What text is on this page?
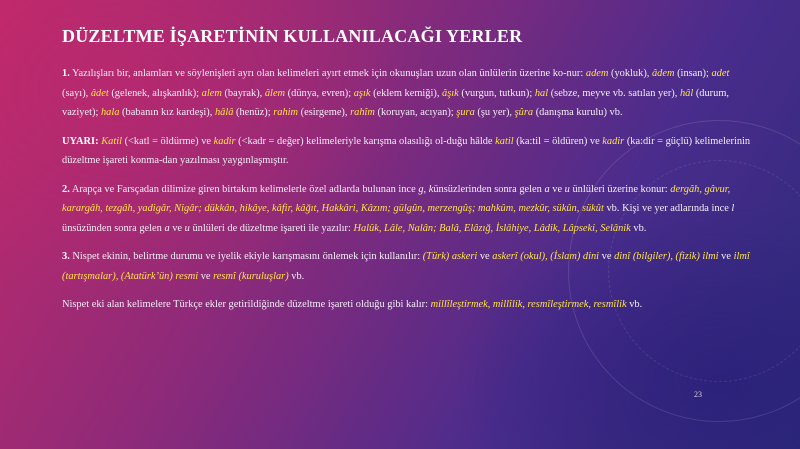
DÜZELTME İŞARETİNİN KULLANILACAĞI YERLER

1. Yazılışları bir, anlamları ve söylenişleri ayrı olan kelimeleri ayırt etmek için okunuşları uzun olan ünlülerin üzerine ko-nur: adem (yokluk), âdem (insan); adet (sayı), âdet (gelenek, alışkanlık); alem (bayrak), âlem (dünya, evren); aşık (eklem kemiği), âşık (vurgun, tutkun); hal (sebze, meyve vb. satılan yer), hâl (durum, vaziyet); hala (babanın kız kardeşi), hâlâ (henüz); rahim (esirgeme), rahîm (koruyan, acıyan); şura (şu yer), şûra (danışma kurulu) vb.

UYARI: Katil (<katl = öldürme) ve kadir (<kadr = değer) kelimeleriyle karışma olasılığı ol-duğu hâlde katil (ka:til = öldüren) ve kadir (ka:dir = güçlü) kelimelerinin düzeltme işareti konma-dan yazılması yaygınlaşmıştır.

2. Arapça ve Farsçadan dilimize giren birtakım kelimelerle özel adlarda bulunan ince g, künsüzlerinden sonra gelen a ve u ünlüleri üzerine konur: dergâh, gâvur, karargâh, tezgâh, yadigâr, Nigâr; dükkân, hikâye, kâfir, kâğıt, Hakkâri, Kâzım; gülgûn, merzengûş; mahkûm, mezkûr, sükûn, sükût vb. Kişi ve yer adlarında ince l ünsüzünden sonra gelen a ve u ünlüleri de düzeltme işareti ile yazılır: Halûk, Lâle, Nalân; Balâ, Elâzığ, İslâhiye, Lâdik, Lâpseki, Selânik vb.

3. Nispet ekinin, belirtme durumu ve iyelik ekiyle karışmasını önlemek için kullanılır: (Türk) askeri ve askerî (okul), (İslam) dini ve dinî (bilgiler), (fizik) ilmi ve ilmî (tartışmalar), (Atatürk’ün) resmi ve resmî (kuruluşlar) vb.

Nispet eki alan kelimelere Türkçe ekler getirildiğinde düzeltme işareti olduğu gibi kalır: millîleştirmek, millîlik, resmîleştirmek, resmîlik vb.

23
